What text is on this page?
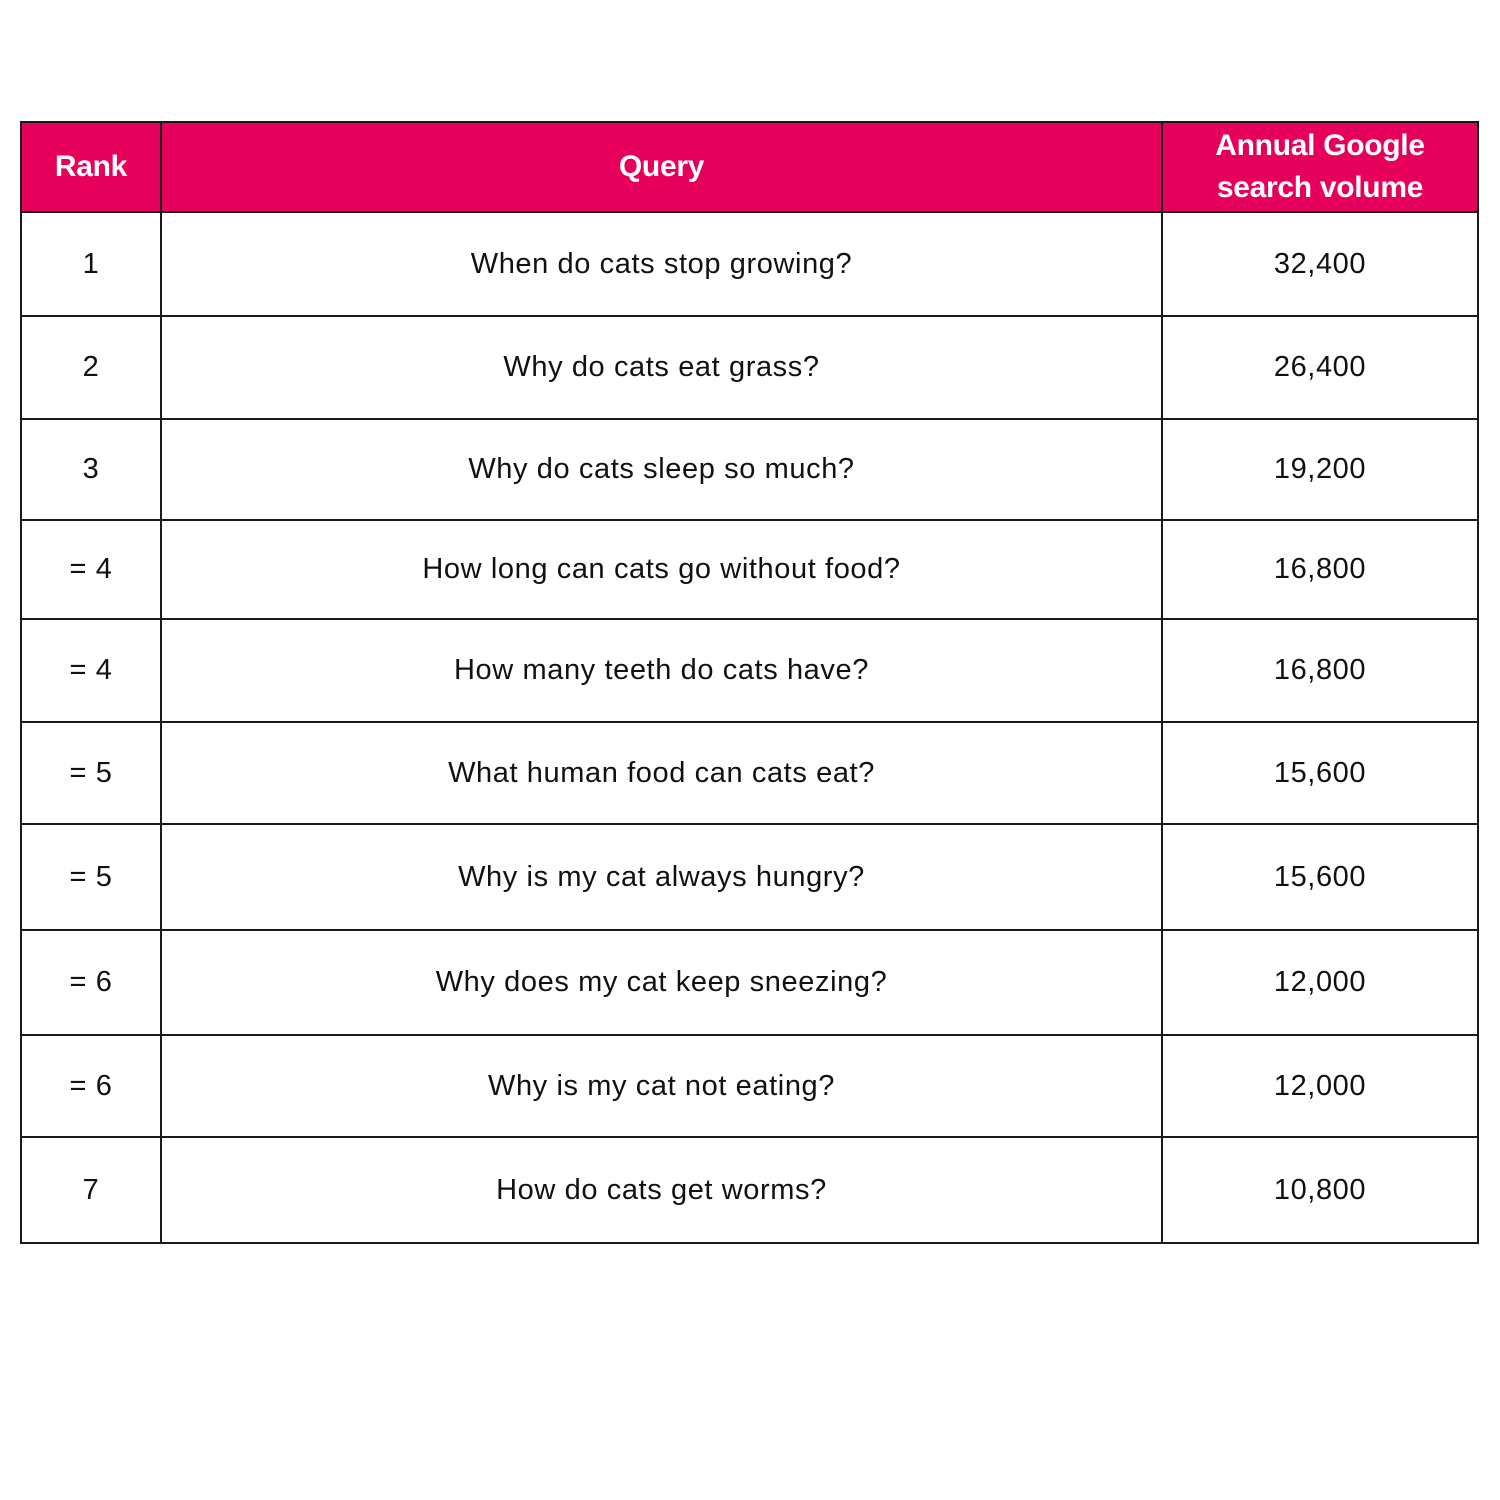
Rank	Query	Annual Google
search volume

1	When do cats stop growing?	32,400
2	Why do cats eat grass?	26,400
3	Why do cats sleep so much?	19,200
= 4	How long can cats go without food?	16,800
= 4	How many teeth do cats have?	16,800
= 5	What human food can cats eat?	15,600
= 5	Why is my cat always hungry?	15,600
= 6	Why does my cat keep sneezing?	12,000
= 6	Why is my cat not eating?	12,000
7	How do cats get worms?	10,800
